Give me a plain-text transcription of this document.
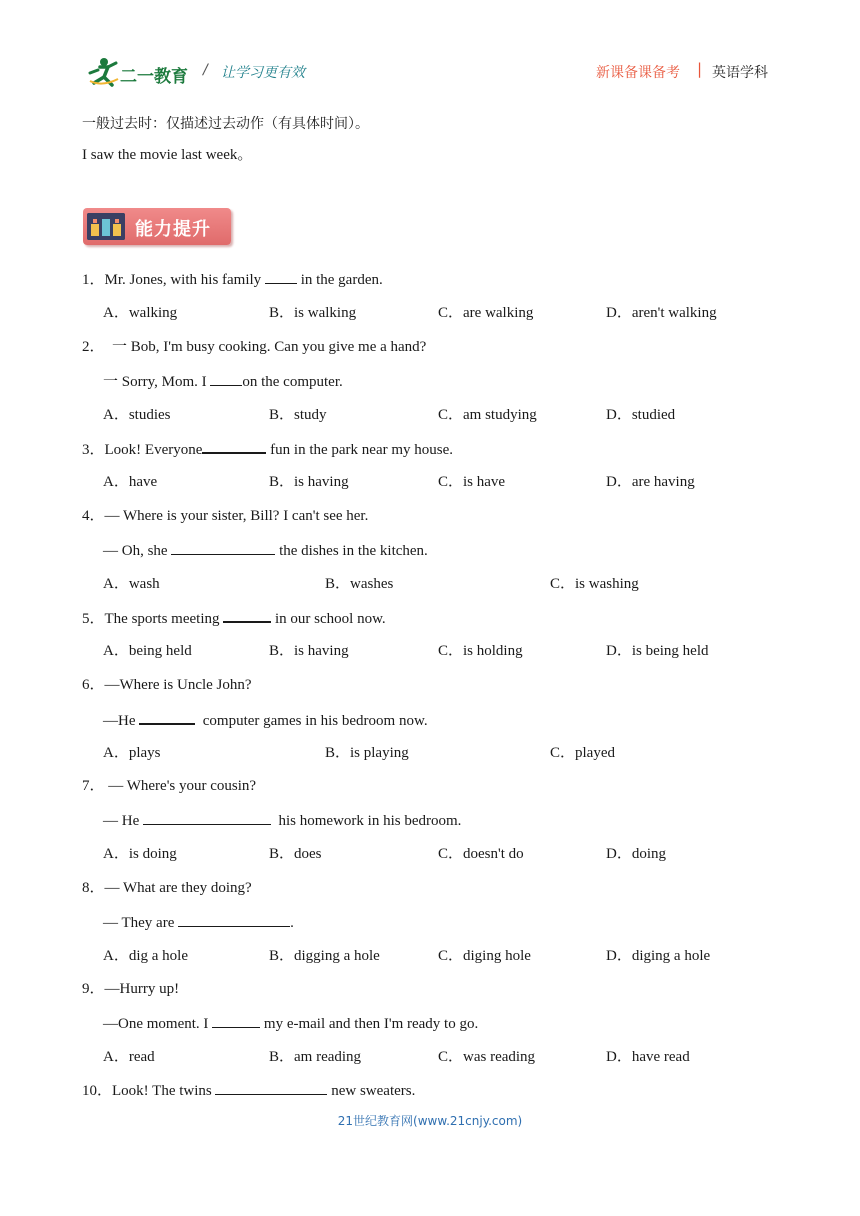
二一教育 / 让学习更有效	新课备课备考 | 英语学科
一般过去时：仅描述过去动作（有具体时间）。
I saw the movie last week。
能力提升
1．Mr. Jones, with his family  in the garden.
A．walking	B．is walking	C．are walking	D．aren't walking
2． 一 Bob, I'm busy cooking. Can you give me a hand?
一 Sorry, Mom. I on the computer.
A．studies	B．study	C．am studying	D．studied
3．Look! Everyone	fun in the park near my house.
A．have	B．is having	C．is have	D．are having
4．— Where is your sister, Bill? I can't see her.
— Oh, she	the dishes in the kitchen.
A．wash	B．washes	C．is washing
5．The sports meeting	in our school now.
A．being held	B．is having	C．is holding	D．is being held
6．—Where is Uncle John?
—He	computer games in his bedroom now.
A．plays	B．is playing	C．played
7． — Where's your cousin?
— He	his homework in his bedroom.
A．is doing	B．does	C．doesn't do	D．doing
8．— What are they doing?
— They are	.
A．dig a hole	B．digging a hole	C．diging hole	D．diging a hole
9．—Hurry up!
—One moment. I	my e-mail and then I'm ready to go.
A．read	B．am reading	C．was reading	D．have read
10．Look! The twins	new sweaters.
21世纪教育网(www.21cnjy.com)
